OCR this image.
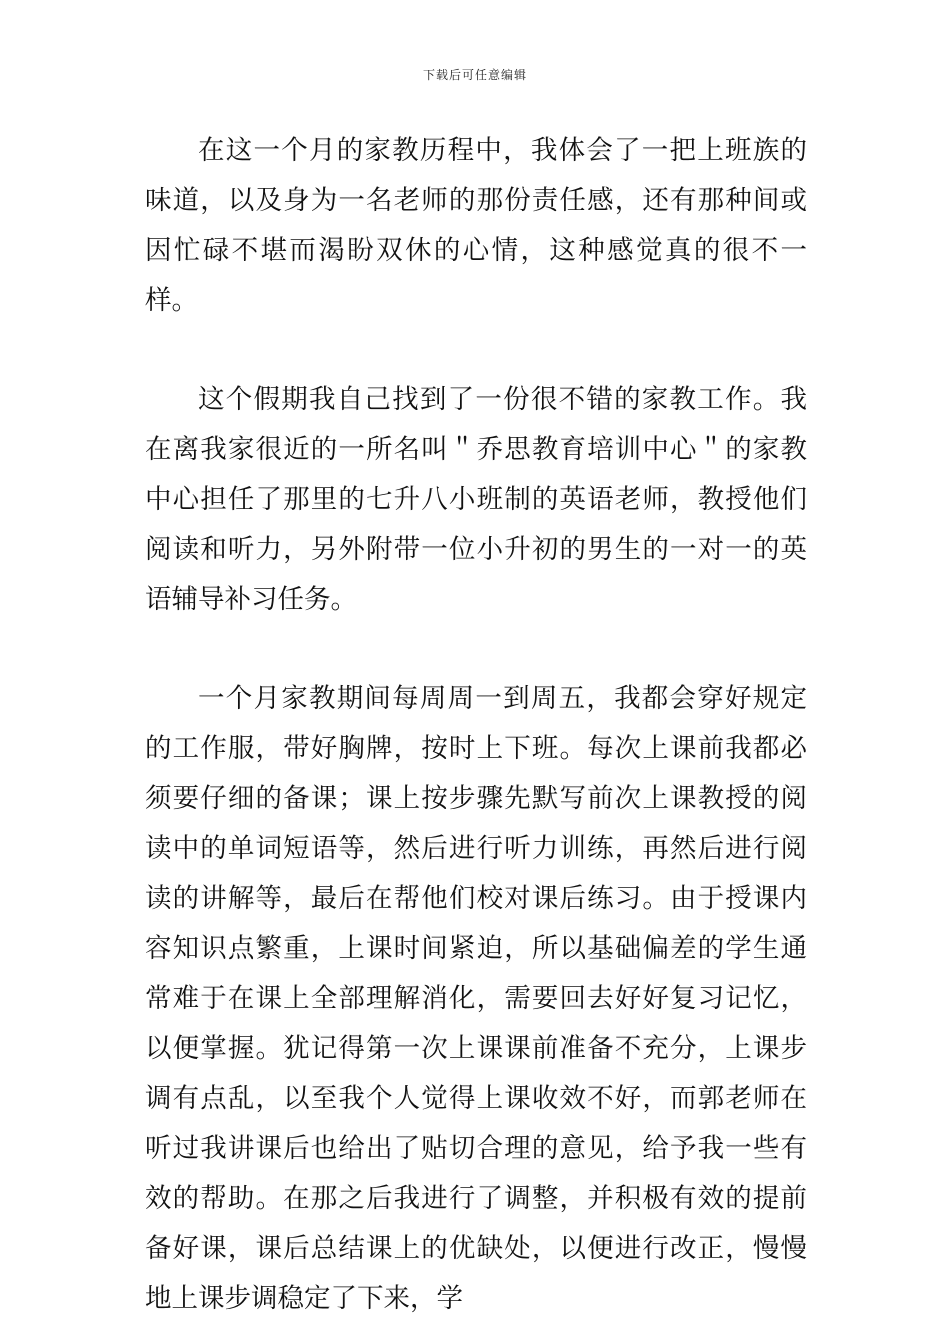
下载后可任意编辑

在这一个月的家教历程中，我体会了一把上班族的味道，以及身为一名老师的那份责任感，还有那种间或因忙碌不堪而渴盼双休的心情，这种感觉真的很不一样。

这个假期我自己找到了一份很不错的家教工作。我在离我家很近的一所名叫＂乔思教育培训中心＂的家教中心担任了那里的七升八小班制的英语老师，教授他们阅读和听力，另外附带一位小升初的男生的一对一的英语辅导补习任务。

一个月家教期间每周周一到周五，我都会穿好规定的工作服，带好胸牌，按时上下班。每次上课前我都必须要仔细的备课；课上按步骤先默写前次上课教授的阅读中的单词短语等，然后进行听力训练，再然后进行阅读的讲解等，最后在帮他们校对课后练习。由于授课内容知识点繁重，上课时间紧迫，所以基础偏差的学生通常难于在课上全部理解消化，需要回去好好复习记忆，以便掌握。犹记得第一次上课课前准备不充分，上课步调有点乱，以至我个人觉得上课收效不好，而郭老师在听过我讲课后也给出了贴切合理的意见，给予我一些有效的帮助。在那之后我进行了调整，并积极有效的提前备好课，课后总结课上的优缺处，以便进行改正，慢慢地上课步调稳定了下来，学
